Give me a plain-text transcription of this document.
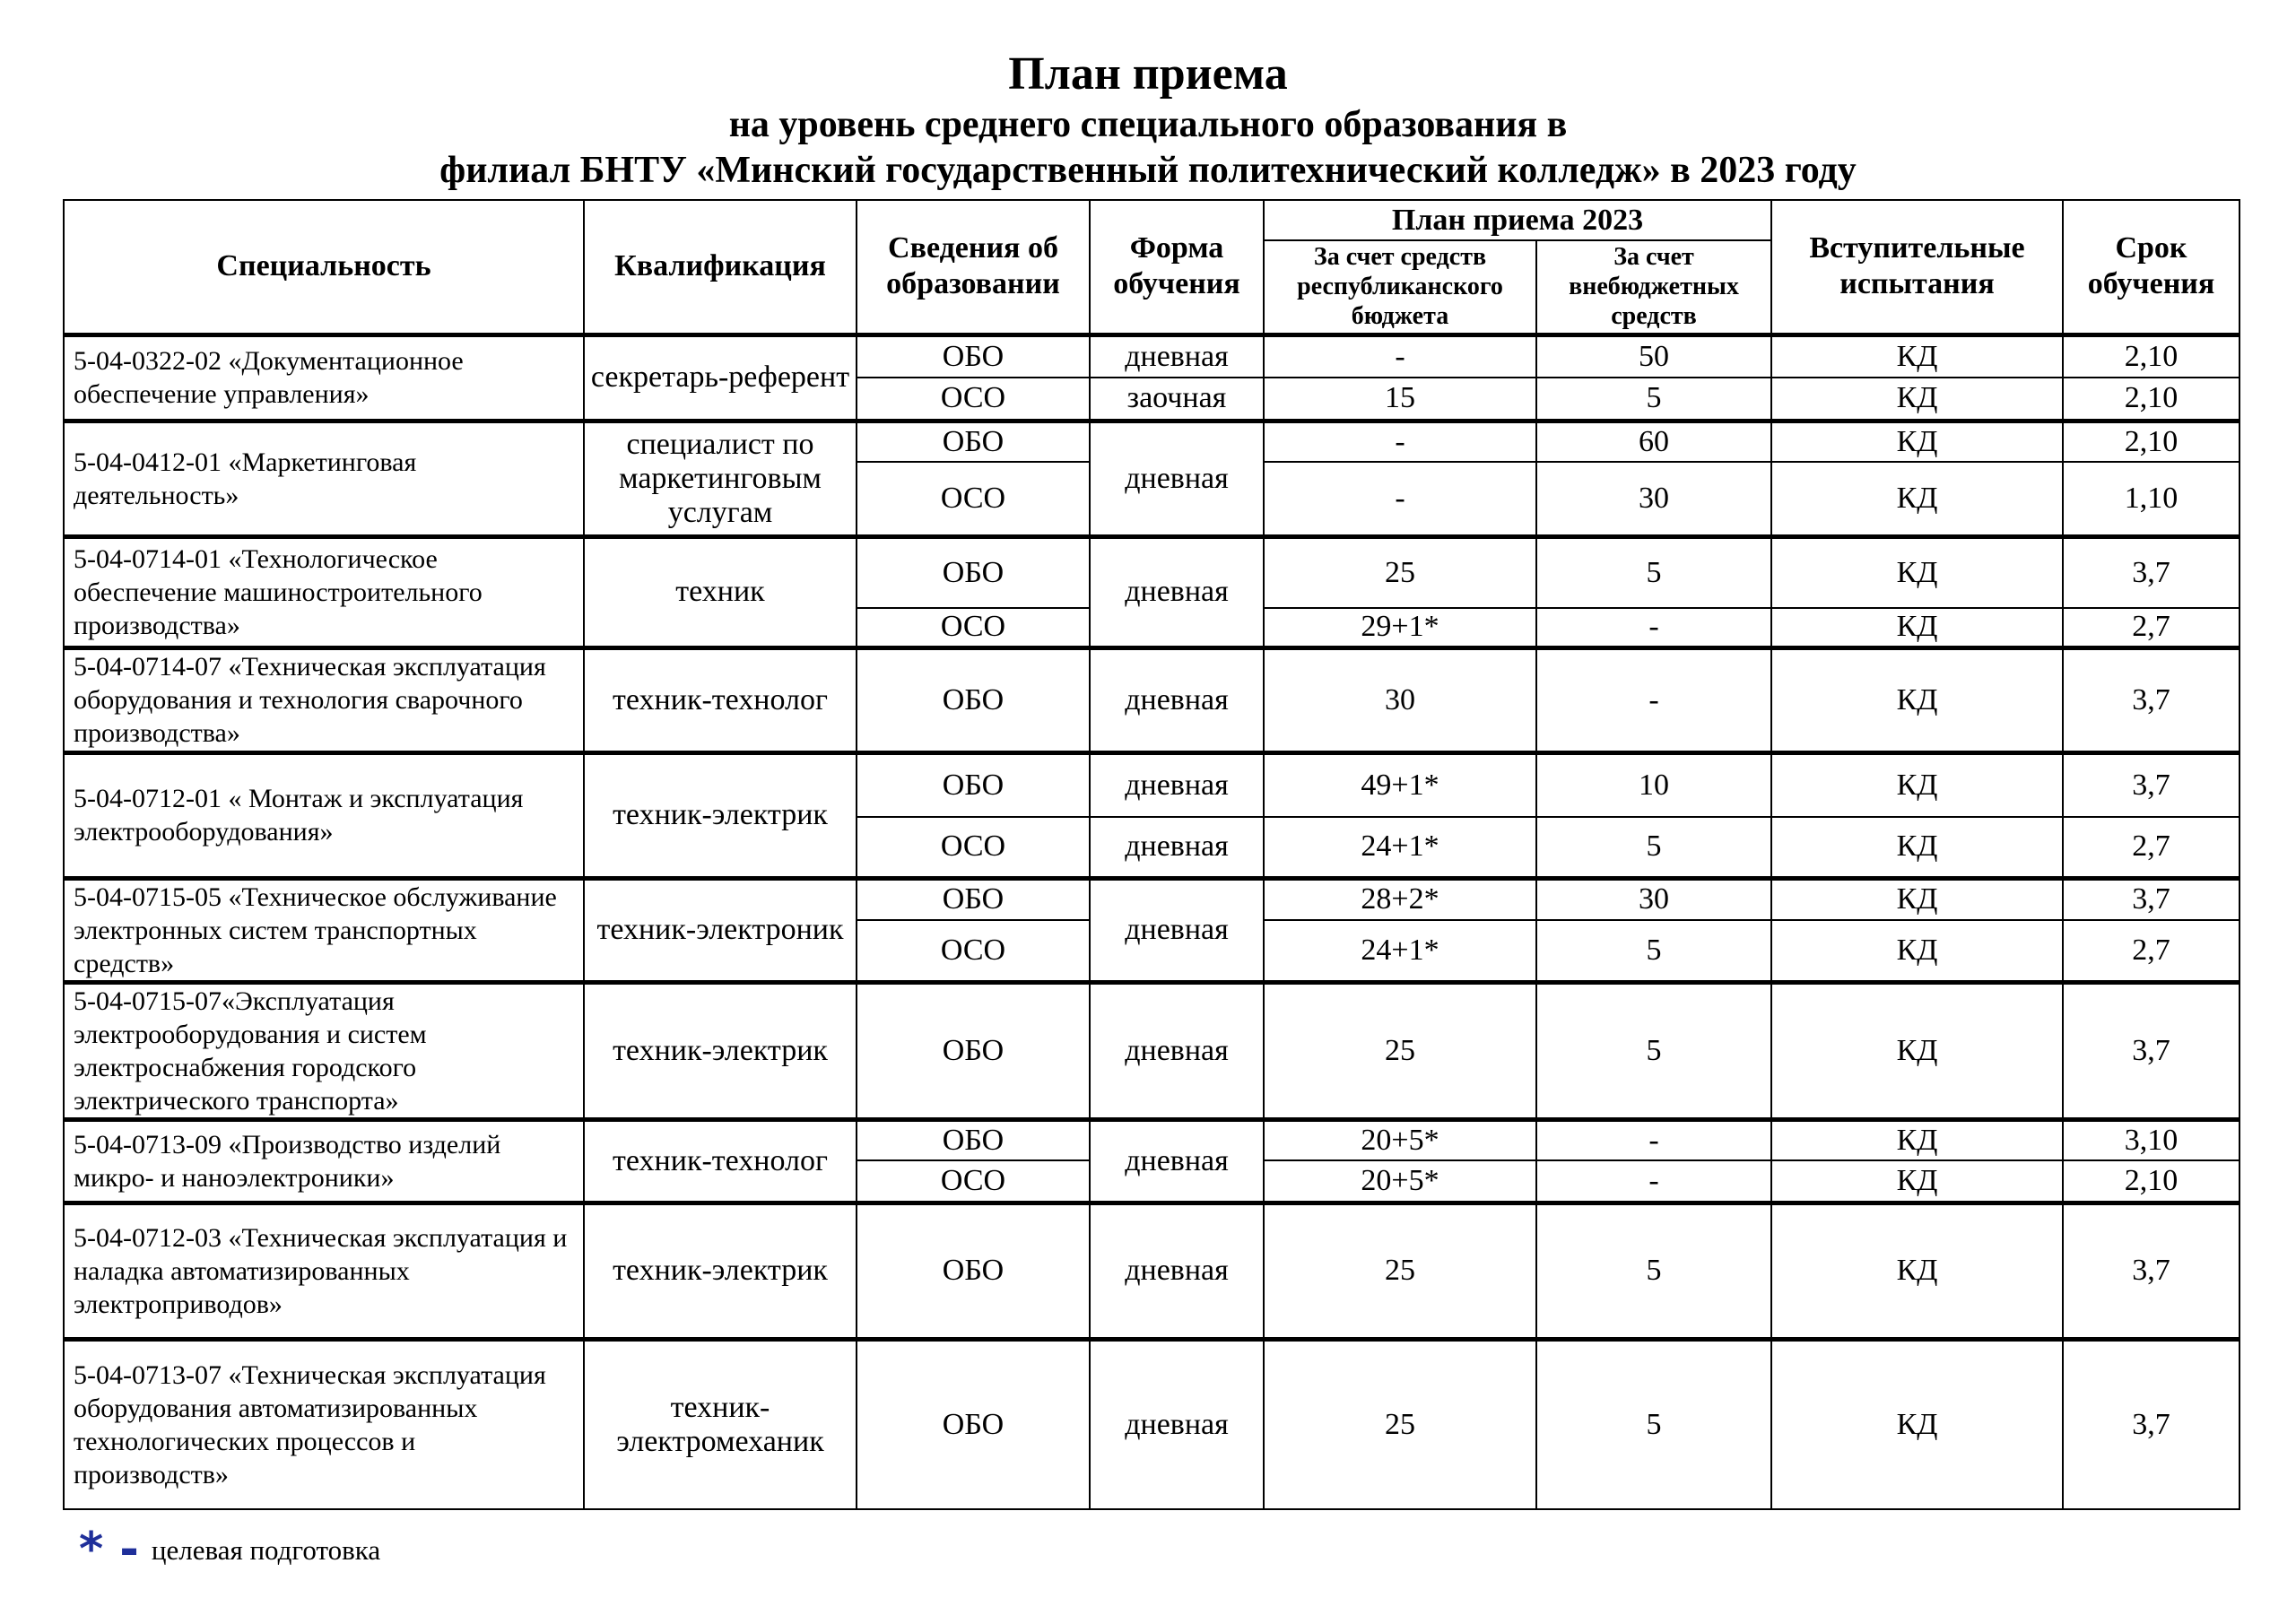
План приема
на уровень среднего специального образования в
филиал БНТУ «Минский государственный политехнический колледж» в 2023 году
Специальность	Квалификация	Сведения об образовании	Форма обучения	План приема 2023		Вступительные испытания	Срок обучения
				За счет средств республиканского бюджета	За счет внебюджетных средств		
5-04-0322-02 «Документационное обеспечение управления»	секретарь-референт	ОБО	дневная	-	50	КД	2,10
		ОСО	заочная	15	5	КД	2,10
5-04-0412-01 «Маркетинговая деятельность»	специалист по маркетинговым услугам	ОБО	дневная	-	60	КД	2,10
		ОСО		-	30	КД	1,10
5-04-0714-01 «Технологическое обеспечение машиностроительного производства»	техник	ОБО	дневная	25	5	КД	3,7
		ОСО		29+1*	-	КД	2,7
5-04-0714-07 «Техническая эксплуатация оборудования и технология сварочного производства»	техник-технолог	ОБО	дневная	30	-	КД	3,7
5-04-0712-01 « Монтаж и эксплуатация электрооборудования»	техник-электрик	ОБО	дневная	49+1*	10	КД	3,7
		ОСО	дневная	24+1*	5	КД	2,7
5-04-0715-05 «Техническое обслуживание электронных систем транспортных средств»	техник-электроник	ОБО	дневная	28+2*	30	КД	3,7
		ОСО		24+1*	5	КД	2,7
5-04-0715-07«Эксплуатация электрооборудования и систем электроснабжения городского электрического транспорта»	техник-электрик	ОБО	дневная	25	5	КД	3,7
5-04-0713-09 «Производство изделий микро- и наноэлектроники»	техник-технолог	ОБО	дневная	20+5*	-	КД	3,10
		ОСО		20+5*	-	КД	2,10
5-04-0712-03 «Техническая эксплуатация и наладка автоматизированных электроприводов»	техник-электрик	ОБО	дневная	25	5	КД	3,7
5-04-0713-07 «Техническая эксплуатация оборудования автоматизированных технологических процессов и производств»	техник-электромеханик	ОБО	дневная	25	5	КД	3,7
* - целевая подготовка
